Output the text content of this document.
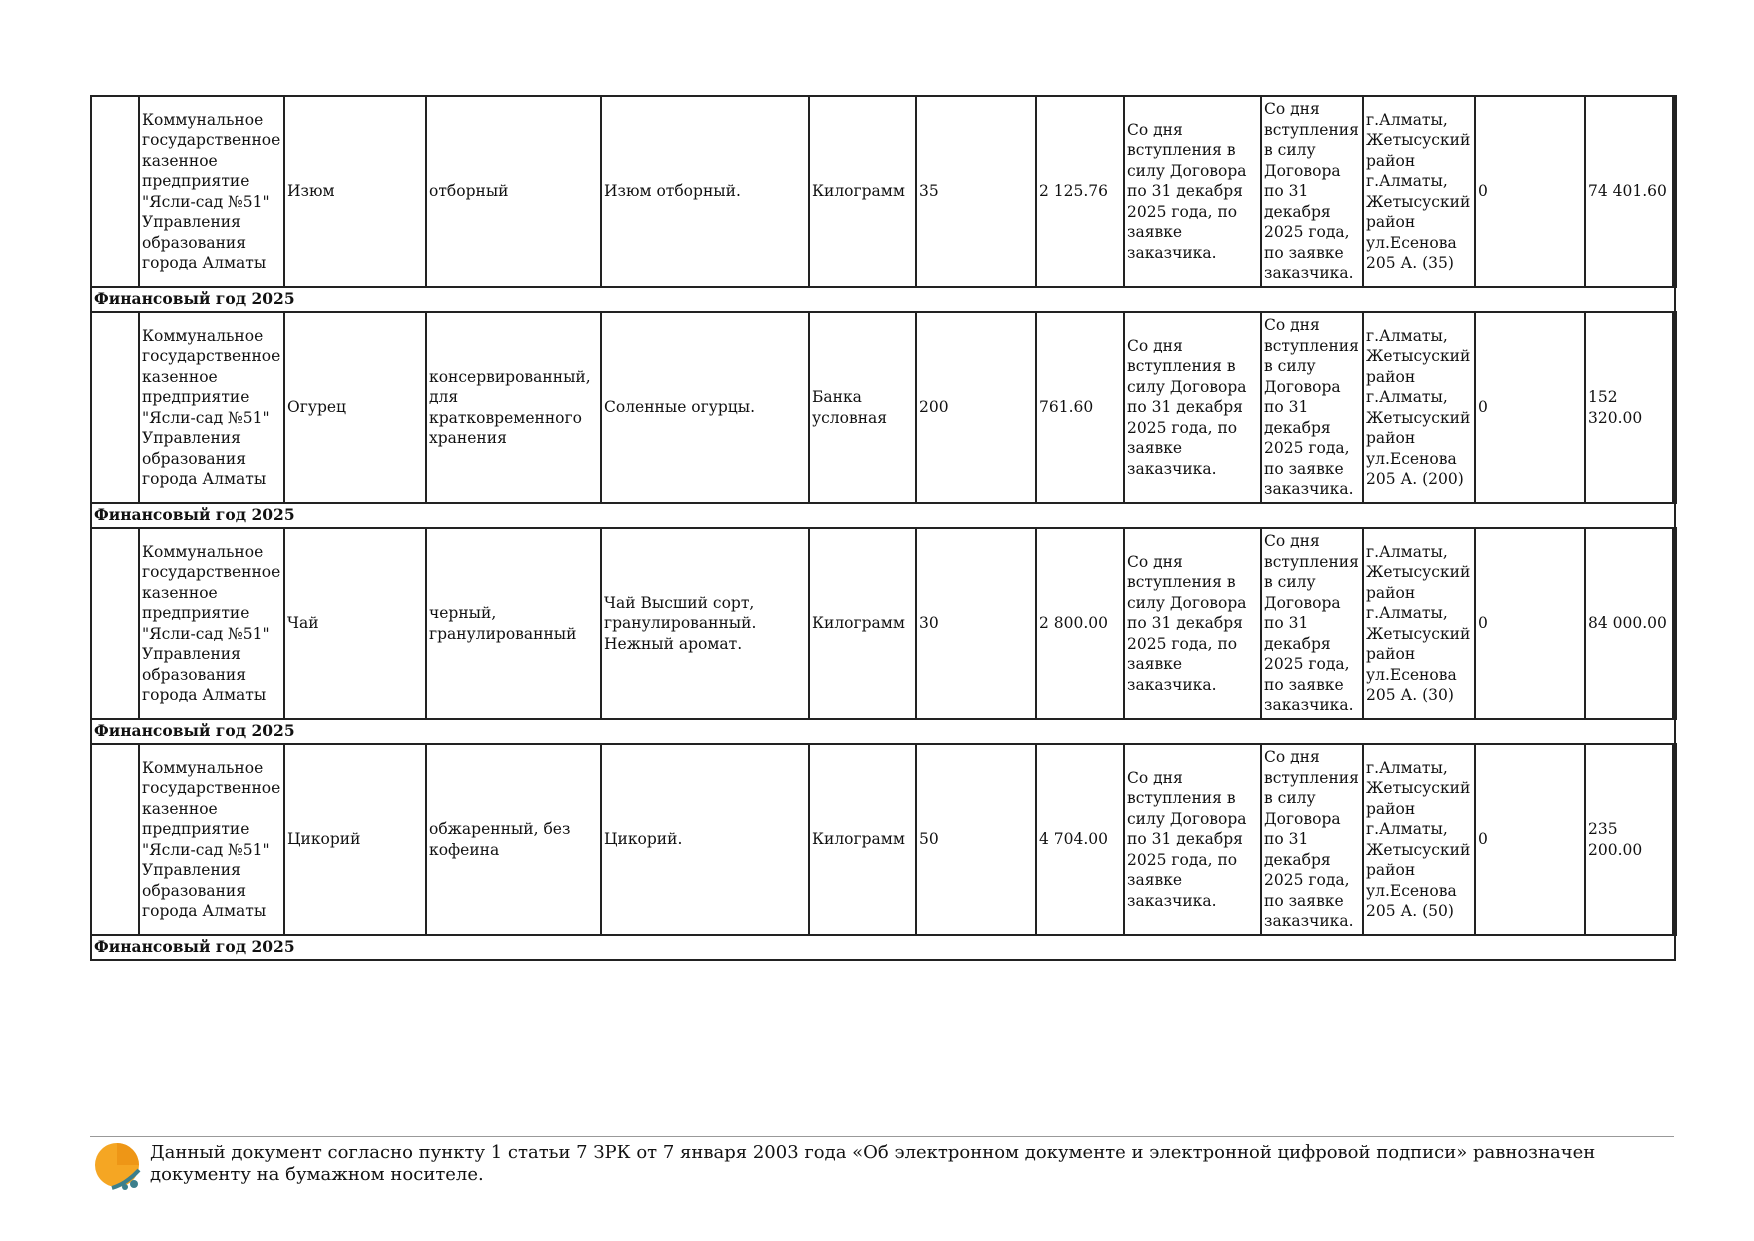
	Коммунальное государственное казенное предприятие "Ясли-сад №51" Управления образования города Алматы	Изюм	отборный	Изюм отборный.	Килограмм	35	2 125.76	Со дня вступления в силу Договора по 31 декабря 2025 года, по заявке заказчика.	Со дня вступления в силу Договора по 31 декабря 2025 года, по заявке заказчика.	г.Алматы, Жетысуский район г.Алматы, Жетысуский район ул.Есенова 205 А. (35)	0	74 401.60	
Финансовый год 2025													
	Коммунальное государственное казенное предприятие "Ясли-сад №51" Управления образования города Алматы	Огурец	консервированный, для кратковременного хранения	Соленные огурцы.	Банка условная	200	761.60	Со дня вступления в силу Договора по 31 декабря 2025 года, по заявке заказчика.	Со дня вступления в силу Договора по 31 декабря 2025 года, по заявке заказчика.	г.Алматы, Жетысуский район г.Алматы, Жетысуский район ул.Есенова 205 А. (200)	0	152 320.00	
Финансовый год 2025													
	Коммунальное государственное казенное предприятие "Ясли-сад №51" Управления образования города Алматы	Чай	черный, гранулированный	Чай Высший сорт, гранулированный. Нежный аромат.	Килограмм	30	2 800.00	Со дня вступления в силу Договора по 31 декабря 2025 года, по заявке заказчика.	Со дня вступления в силу Договора по 31 декабря 2025 года, по заявке заказчика.	г.Алматы, Жетысуский район г.Алматы, Жетысуский район ул.Есенова 205 А. (30)	0	84 000.00	
Финансовый год 2025													
	Коммунальное государственное казенное предприятие "Ясли-сад №51" Управления образования города Алматы	Цикорий	обжаренный, без кофеина	Цикорий.	Килограмм	50	4 704.00	Со дня вступления в силу Договора по 31 декабря 2025 года, по заявке заказчика.	Со дня вступления в силу Договора по 31 декабря 2025 года, по заявке заказчика.	г.Алматы, Жетысуский район г.Алматы, Жетысуский район ул.Есенова 205 А. (50)	0	235 200.00	
Финансовый год 2025													
Данный документ согласно пункту 1 статьи 7 ЗРК от 7 января 2003 года «Об электронном документе и электронной цифровой подписи» равнозначен документу на бумажном носителе.
